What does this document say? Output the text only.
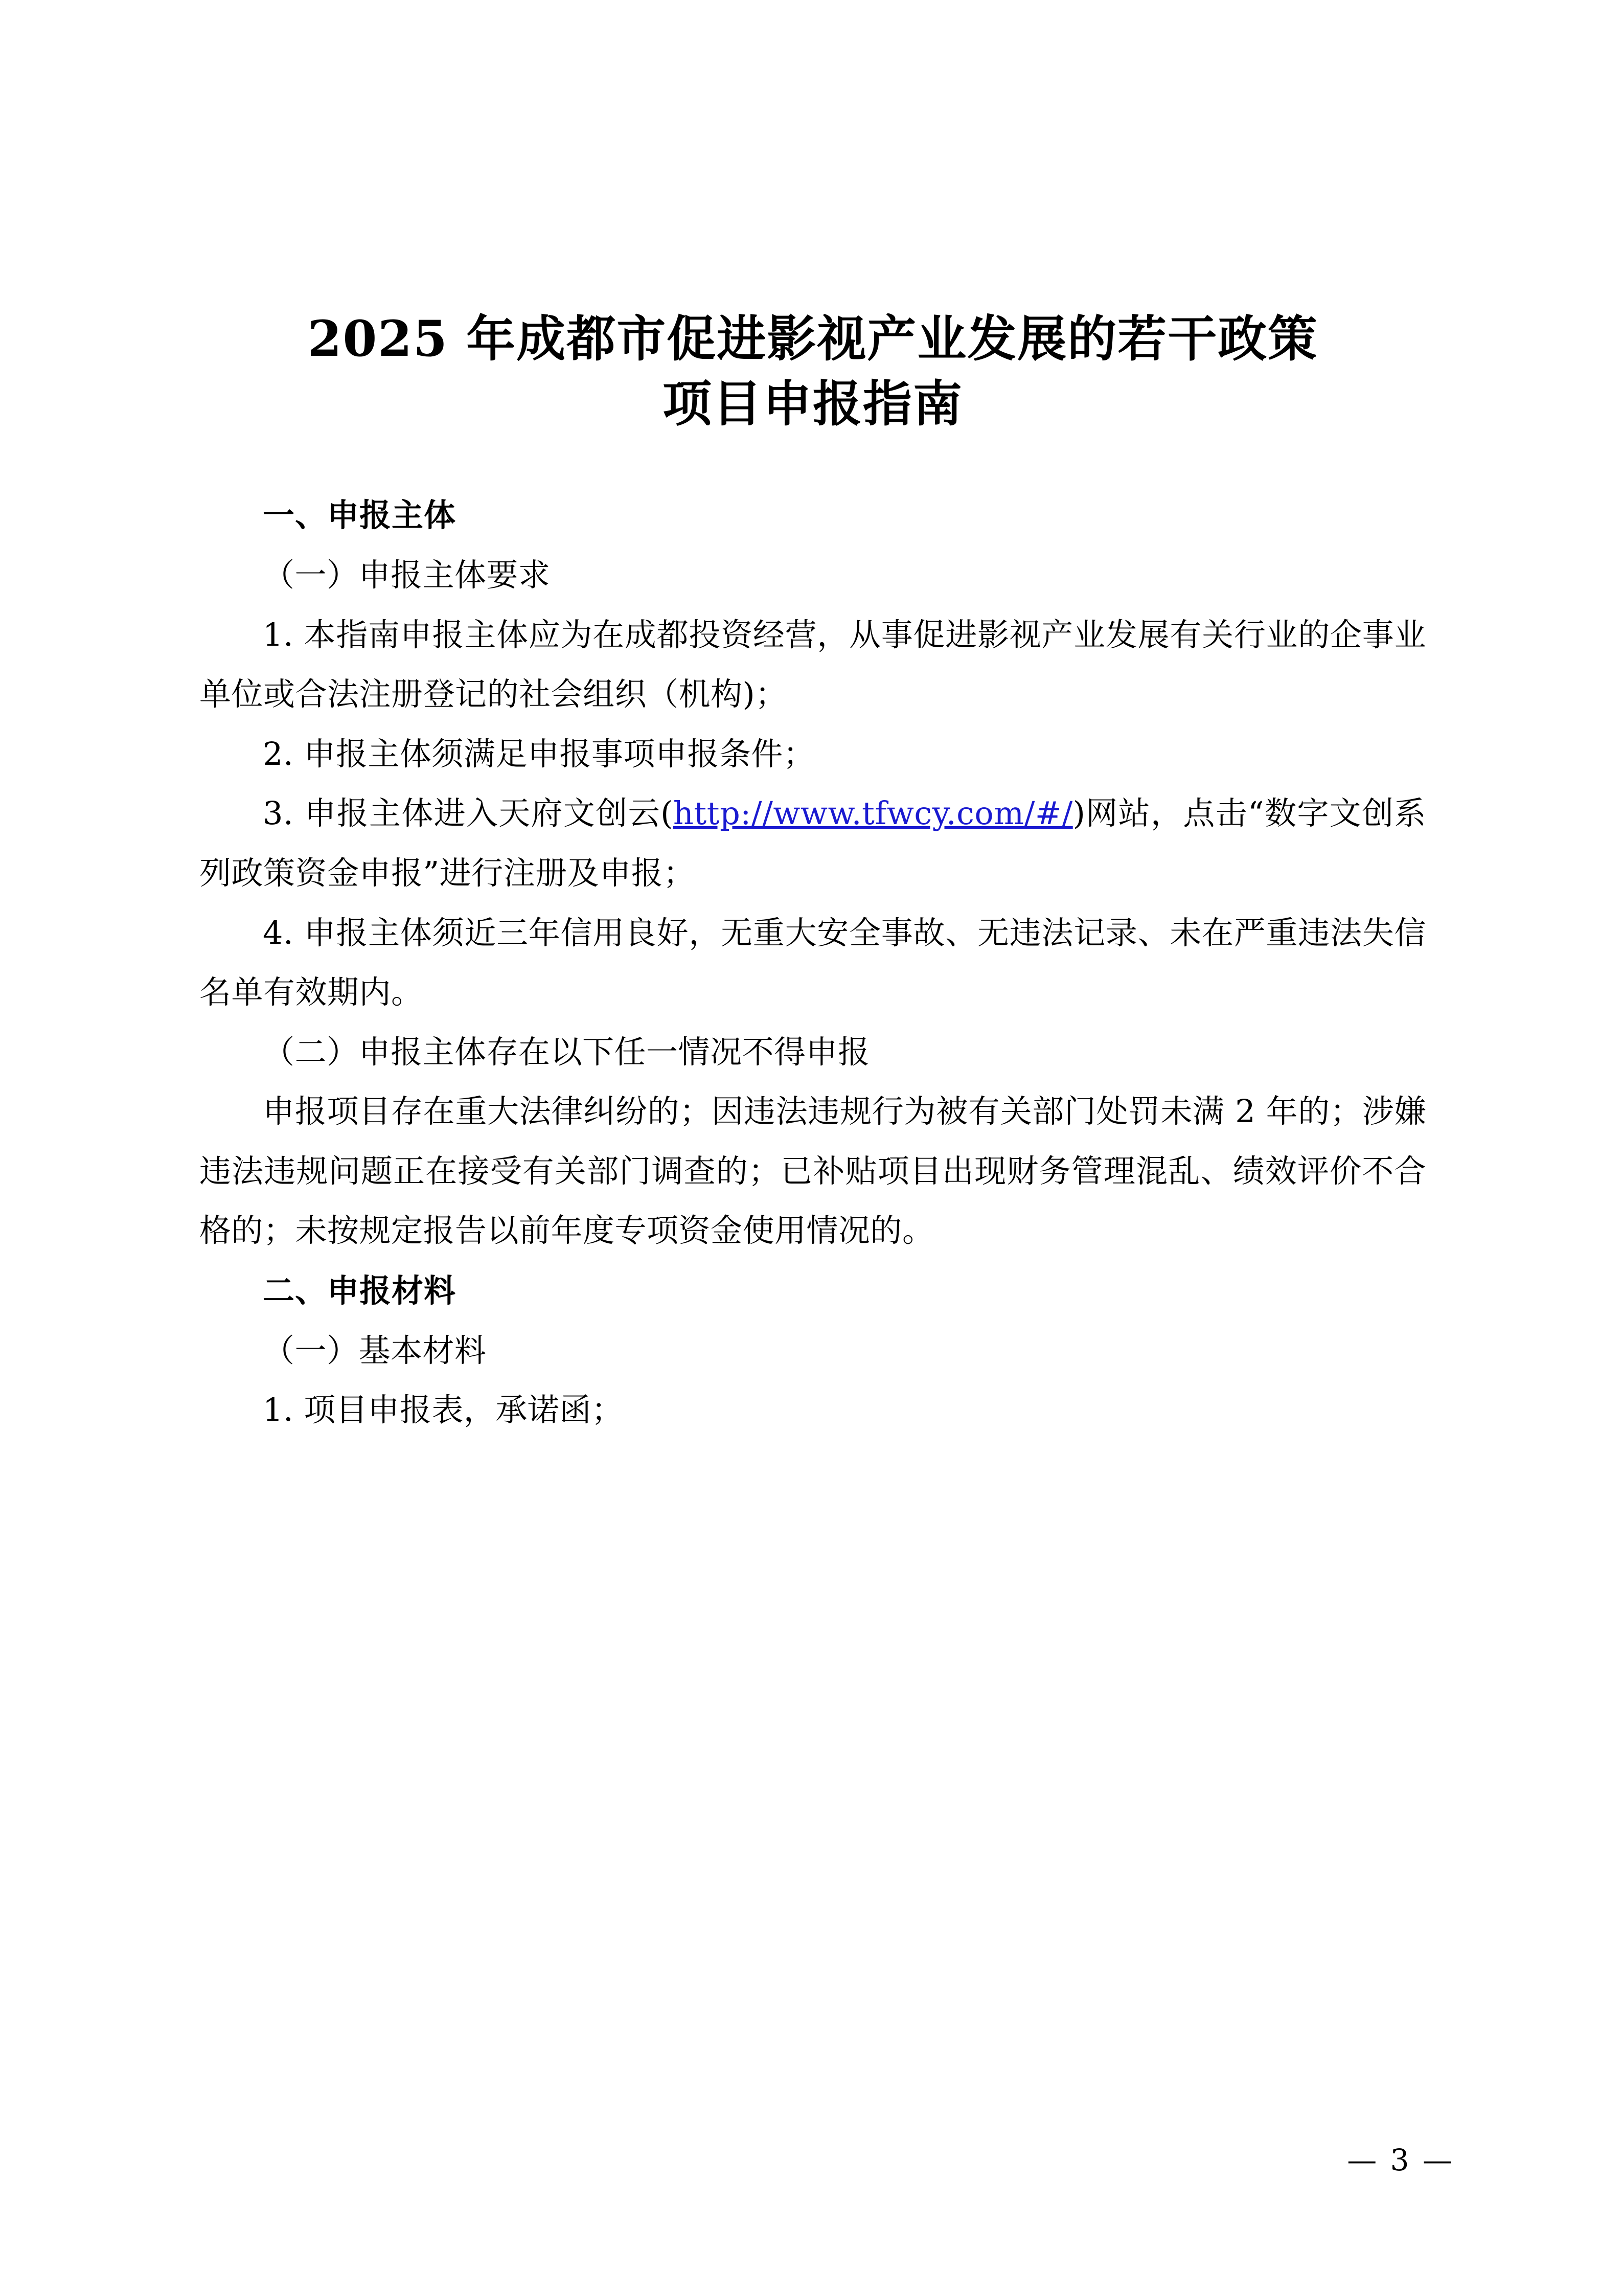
2025 年成都市促进影视产业发展的若干政策
项目申报指南
一、申报主体

（一）申报主体要求

1. 本指南申报主体应为在成都投资经营，从事促进影视产业发展有关行业的企事业单位或合法注册登记的社会组织（机构)；

2. 申报主体须满足申报事项申报条件；

3. 申报主体进入天府文创云(http://www.tfwcy.com/#/)网站，点击“数字文创系列政策资金申报”进行注册及申报；

4. 申报主体须近三年信用良好，无重大安全事故、无违法记录、未在严重违法失信名单有效期内。

（二）申报主体存在以下任一情况不得申报

申报项目存在重大法律纠纷的；因违法违规行为被有关部门处罚未满 2 年的；涉嫌违法违规问题正在接受有关部门调查的；已补贴项目出现财务管理混乱、绩效评价不合格的；未按规定报告以前年度专项资金使用情况的。

二、申报材料

（一）基本材料

1. 项目申报表，承诺函；

— 3 —
